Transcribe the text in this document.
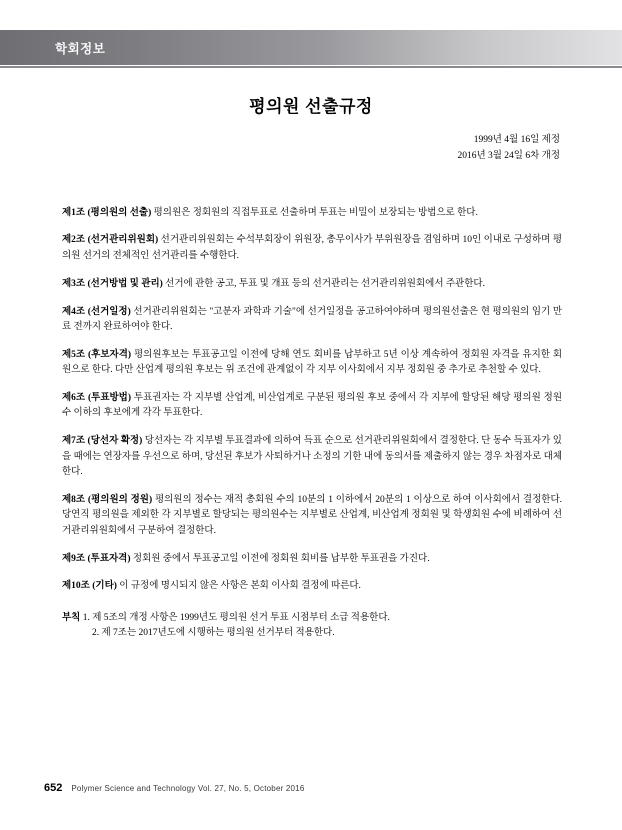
학회정보
평의원 선출규정
1999년 4월 16일 제정
2016년 3월 24일 6차 개정

제1조 (평의원의 선출) 평의원은 정회원의 직접투표로 선출하며 투표는 비밀이 보장되는 방법으로 한다.

제2조 (선거관리위원회) 선거관리위원회는 수석부회장이 위원장, 총무이사가 부위원장을 겸임하며 10인 이내로 구성하며 평의원 선거의 전체적인 선거관리를 수행한다.

제3조 (선거방법 및 관리) 선거에 관한 공고, 투표 및 개표 등의 선거관리는 선거관리위원회에서 주관한다.

제4조 (선거일정) 선거관리위원회는 "고분자 과학과 기술"에 선거일정을 공고하여야하며 평의원선출은 현 평의원의 임기 만료 전까지 완료하여야 한다.

제5조 (후보자격) 평의원후보는 투표공고일 이전에 당해 연도 회비를 납부하고 5년 이상 계속하여 정회원 자격을 유지한 회원으로 한다. 다만 산업계 평의원 후보는 위 조건에 관계없이 각 지부 이사회에서 지부 정회원 중 추가로 추천할 수 있다.

제6조 (투표방법) 투표권자는 각 지부별 산업계, 비산업계로 구분된 평의원 후보 중에서 각 지부에 할당된 해당 평의원 정원 수 이하의 후보에게 각각 투표한다.

제7조 (당선자 확정) 당선자는 각 지부별 투표결과에 의하여 득표 순으로 선거관리위원회에서 결정한다. 단 동수 득표자가 있을 때에는 연장자를 우선으로 하며, 당선된 후보가 사퇴하거나 소정의 기한 내에 동의서를 제출하지 않는 경우 차점자로 대체한다.

제8조 (평의원의 정원) 평의원의 정수는 재적 총회원 수의 10분의 1 이하에서 20분의 1 이상으로 하여 이사회에서 결정한다. 당연직 평의원을 제외한 각 지부별로 할당되는 평의원수는 지부별로 산업계, 비산업계 정회원 및 학생회원 수에 비례하여 선거관리위원회에서 구분하여 결정한다.

제9조 (투표자격) 정회원 중에서 투표공고일 이전에 정회원 회비를 납부한 투표권을 가진다.

제10조 (기타) 이 규정에 명시되지 않은 사항은 본회 이사회 결정에 따른다.

부칙 1. 제 5조의 개정 사항은 1999년도 평의원 선거 투표 시점부터 소급 적용한다.

2. 제 7조는 2017년도에 시행하는 평의원 선거부터 적용한다.

652 Polymer Science and Technology Vol. 27, No. 5, October 2016
